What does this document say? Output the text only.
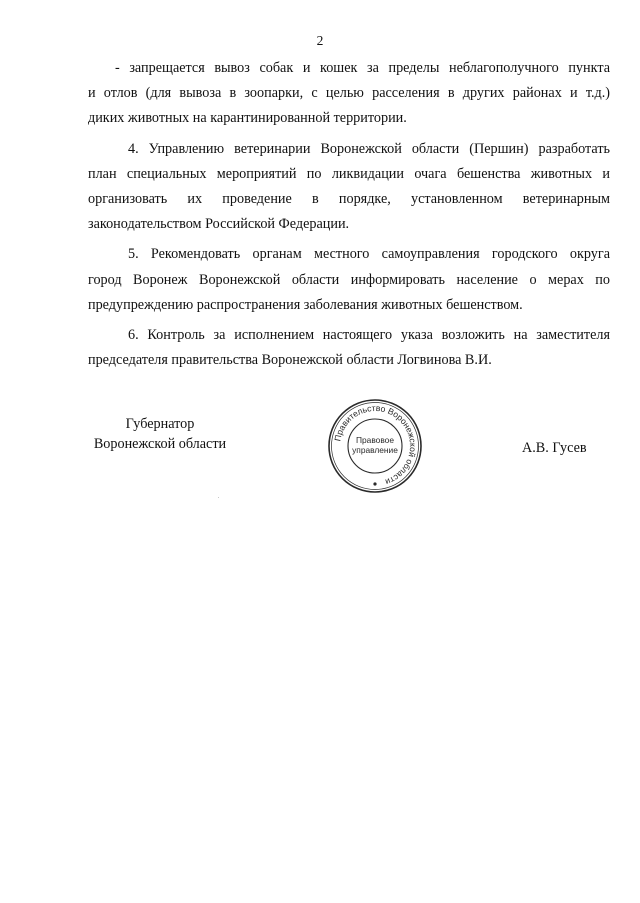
2
- запрещается вывоз собак и кошек за пределы неблагополучного пункта
и отлов (для вывоза в зоопарки, с целью расселения в других районах и т.д.)
диких животных на карантинированной территории.
4. Управлению ветеринарии Воронежской области (Першин) разработать
план специальных мероприятий по ликвидации очага бешенства животных и
организовать их проведение в порядке, установленном ветеринарным
законодательством Российской Федерации.
5. Рекомендовать органам местного самоуправления городского округа
город Воронеж Воронежской области информировать население о мерах по
предупреждению распространения заболевания животных бешенством.
6. Контроль за исполнением настоящего указа возложить на заместителя
председателя правительства Воронежской области Логвинова В.И.
Губернатор
Воронежской области	Правительство Воронежской области
Правовое
управление	А.В. Гусев
